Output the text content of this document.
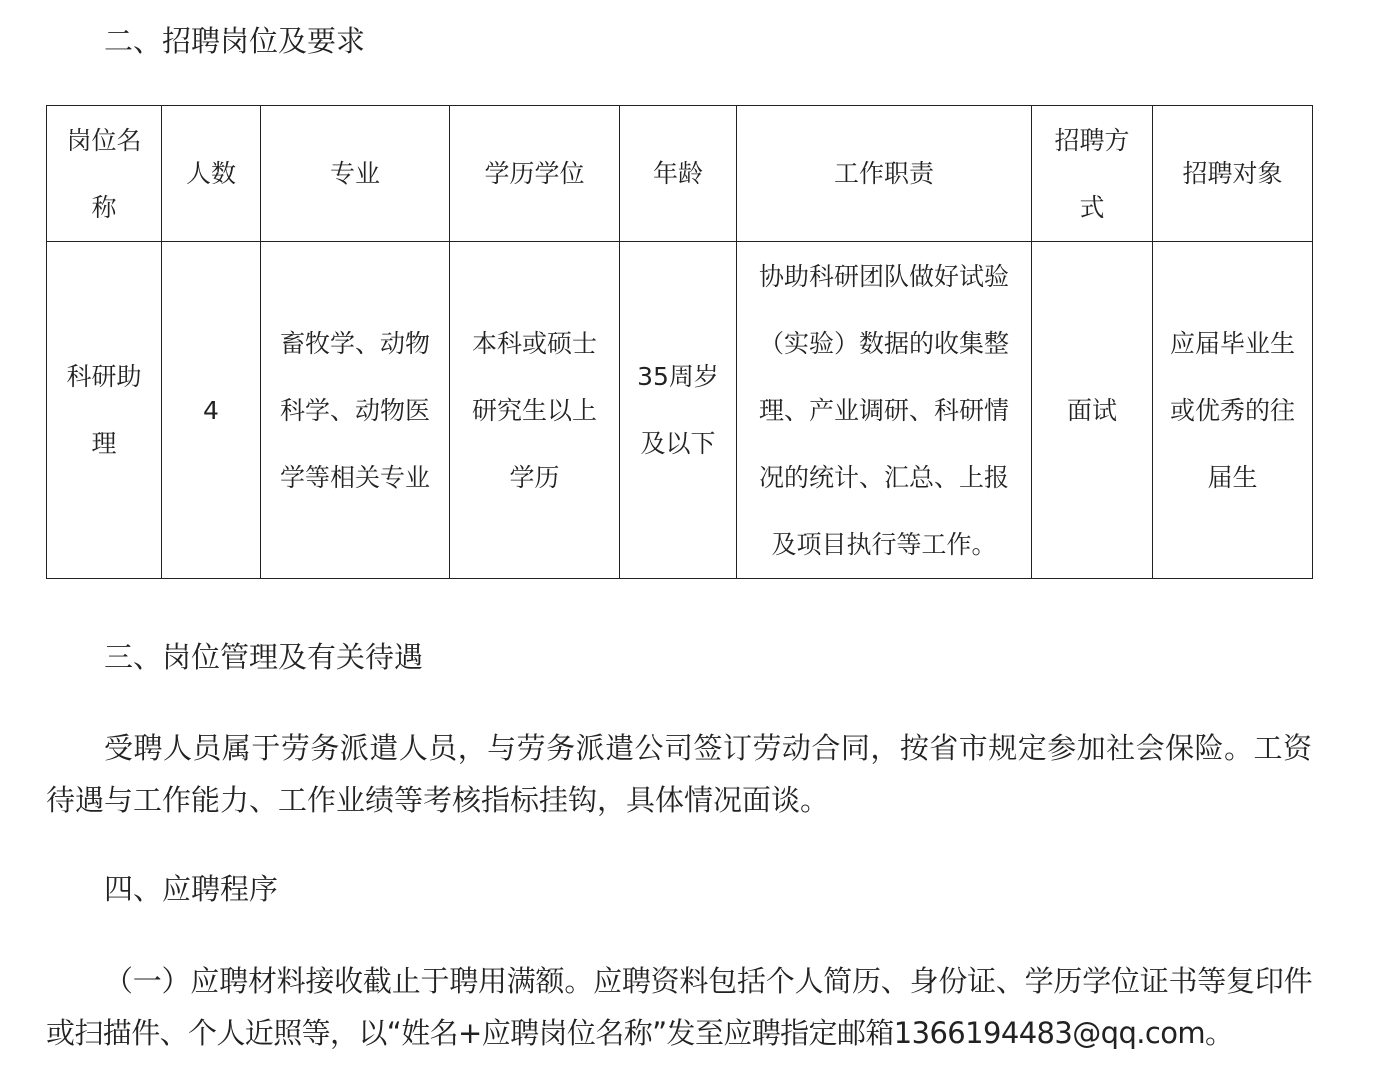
二、招聘岗位及要求
岗位名称	人数	专业	学历学位	年龄	工作职责	招聘方式	招聘对象
科研助理	4	畜牧学、动物科学、动物医学等相关专业	本科或硕士研究生以上学历	35周岁及以下	协助科研团队做好试验（实验）数据的收集整理、产业调研、科研情况的统计、汇总、上报及项目执行等工作。	面试	应届毕业生或优秀的往届生
三、岗位管理及有关待遇

受聘人员属于劳务派遣人员，与劳务派遣公司签订劳动合同，按省市规定参加社会保险。工资待遇与工作能力、工作业绩等考核指标挂钩，具体情况面谈。

四、应聘程序

（一）应聘材料接收截止于聘用满额。应聘资料包括个人简历、身份证、学历学位证书等复印件或扫描件、个人近照等，以“姓名+应聘岗位名称”发至应聘指定邮箱1366194483@qq.com。
